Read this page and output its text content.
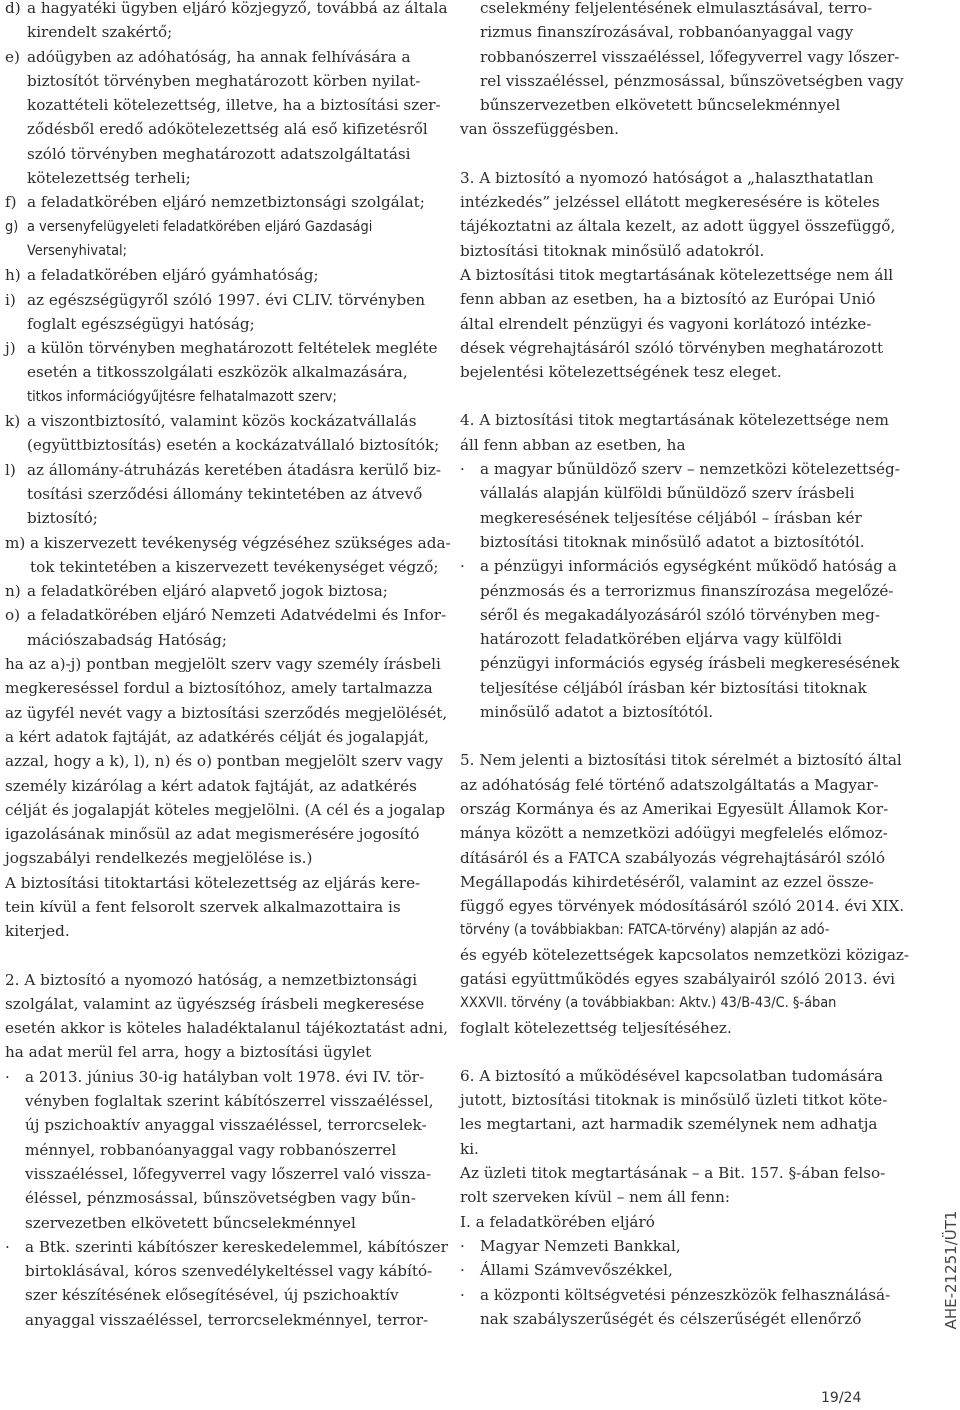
d) a hagyatéki ügyben eljáró közjegyző, továbbá az általa
kirendelt szakértő;
e) adóügyben az adóhatóság, ha annak felhívására a
biztosítót törvényben meghatározott körben nyilat-
kozattételi kötelezettség, illetve, ha a biztosítási szer-
ződésből eredő adókötelezettség alá eső kifizetésről
szóló törvényben meghatározott adatszolgáltatási
kötelezettség terheli;
f) a feladatkörében eljáró nemzetbiztonsági szolgálat;
g) a versenyfelügyeleti feladatkörében eljáró Gazdasági
Versenyhivatal;
h) a feladatkörében eljáró gyámhatóság;
i) az egészségügyről szóló 1997. évi CLIV. törvényben
foglalt egészségügyi hatóság;
j) a külön törvényben meghatározott feltételek megléte
esetén a titkosszolgálati eszközök alkalmazására,
titkos információgyűjtésre felhatalmazott szerv;
k) a viszontbiztosító, valamint közös kockázatvállalás
(együttbiztosítás) esetén a kockázatvállaló biztosítók;
l) az állomány-átruházás keretében átadásra kerülő biz-
tosítási szerződési állomány tekintetében az átvevő
biztosító;
m) a kiszervezett tevékenység végzéséhez szükséges ada-
tok tekintetében a kiszervezett tevékenységet végző;
n) a feladatkörében eljáró alapvető jogok biztosa;
o) a feladatkörében eljáró Nemzeti Adatvédelmi és Infor-
mációszabadság Hatóság;
ha az a)-j) pontban megjelölt szerv vagy személy írásbeli
megkereséssel fordul a biztosítóhoz, amely tartalmazza
az ügyfél nevét vagy a biztosítási szerződés megjelölését,
a kért adatok fajtáját, az adatkérés célját és jogalapját,
azzal, hogy a k), l), n) és o) pontban megjelölt szerv vagy
személy kizárólag a kért adatok fajtáját, az adatkérés
célját és jogalapját köteles megjelölni. (A cél és a jogalap
igazolásának minősül az adat megismerésére jogosító
jogszabályi rendelkezés megjelölése is.)
A biztosítási titoktartási kötelezettség az eljárás kere-
tein kívül a fent felsorolt szervek alkalmazottaira is
kiterjed.
2. A biztosító a nyomozó hatóság, a nemzetbiztonsági
szolgálat, valamint az ügyészség írásbeli megkeresése
esetén akkor is köteles haladéktalanul tájékoztatást adni,
ha adat merül fel arra, hogy a biztosítási ügylet
· a 2013. június 30-ig hatályban volt 1978. évi IV. tör-
vényben foglaltak szerint kábítószerrel visszaéléssel,
új pszichoaktív anyaggal visszaéléssel, terrorcselek-
ménnyel, robbanóanyaggal vagy robbanószerrel
visszaéléssel, lőfegyverrel vagy lőszerrel való vissza-
éléssel, pénzmosással, bűnszövetségben vagy bűn-
szervezetben elkövetett bűncselekménnyel
· a Btk. szerinti kábítószer kereskedelemmel, kábítószer
birtoklásával, kóros szenvedélykeltéssel vagy kábító-
szer készítésének elősegítésével, új pszichoaktív
anyaggal visszaéléssel, terrorcselekménnyel, terror-
cselekmény feljelentésének elmulasztásával, terro-
rizmus finanszírozásával, robbanóanyaggal vagy
robbanószerrel visszaéléssel, lőfegyverrel vagy lőszer-
rel visszaéléssel, pénzmosással, bűnszövetségben vagy
bűnszervezetben elkövetett bűncselekménnyel
van összefüggésben.
3. A biztosító a nyomozó hatóságot a „halaszthatatlan
intézkedés” jelzéssel ellátott megkeresésére is köteles
tájékoztatni az általa kezelt, az adott üggyel összefüggő,
biztosítási titoknak minősülő adatokról.
A biztosítási titok megtartásának kötelezettsége nem áll
fenn abban az esetben, ha a biztosító az Európai Unió
által elrendelt pénzügyi és vagyoni korlátozó intézke-
dések végrehajtásáról szóló törvényben meghatározott
bejelentési kötelezettségének tesz eleget.
4. A biztosítási titok megtartásának kötelezettsége nem
áll fenn abban az esetben, ha
· a magyar bűnüldöző szerv – nemzetközi kötelezettség-
vállalás alapján külföldi bűnüldöző szerv írásbeli
megkeresésének teljesítése céljából – írásban kér
biztosítási titoknak minősülő adatot a biztosítótól.
· a pénzügyi információs egységként működő hatóság a
pénzmosás és a terrorizmus finanszírozása megelőzé-
séről és megakadályozásáról szóló törvényben meg-
határozott feladatkörében eljárva vagy külföldi
pénzügyi információs egység írásbeli megkeresésének
teljesítése céljából írásban kér biztosítási titoknak
minősülő adatot a biztosítótól.
5. Nem jelenti a biztosítási titok sérelmét a biztosító által
az adóhatóság felé történő adatszolgáltatás a Magyar-
ország Kormánya és az Amerikai Egyesült Államok Kor-
mánya között a nemzetközi adóügyi megfelelés előmoz-
dításáról és a FATCA szabályozás végrehajtásáról szóló
Megállapodás kihirdetéséről, valamint az ezzel össze-
függő egyes törvények módosításáról szóló 2014. évi XIX.
törvény (a továbbiakban: FATCA-törvény) alapján az adó-
és egyéb kötelezettségek kapcsolatos nemzetközi közigaz-
gatási együttműködés egyes szabályairól szóló 2013. évi
XXXVII. törvény (a továbbiakban: Aktv.) 43/B-43/C. §-ában
foglalt kötelezettség teljesítéséhez.
6. A biztosító a működésével kapcsolatban tudomására
jutott, biztosítási titoknak is minősülő üzleti titkot köte-
les megtartani, azt harmadik személynek nem adhatja
ki.
Az üzleti titok megtartásának – a Bit. 157. §-ában felso-
rolt szerveken kívül – nem áll fenn:
I. a feladatkörében eljáró
· Magyar Nemzeti Bankkal,
· Állami Számvevőszékkel,
· a központi költségvetési pénzeszközök felhasználásá-
nak szabályszerűségét és célszerűségét ellenőrző	AHE-21251/ÜT1
19/24
